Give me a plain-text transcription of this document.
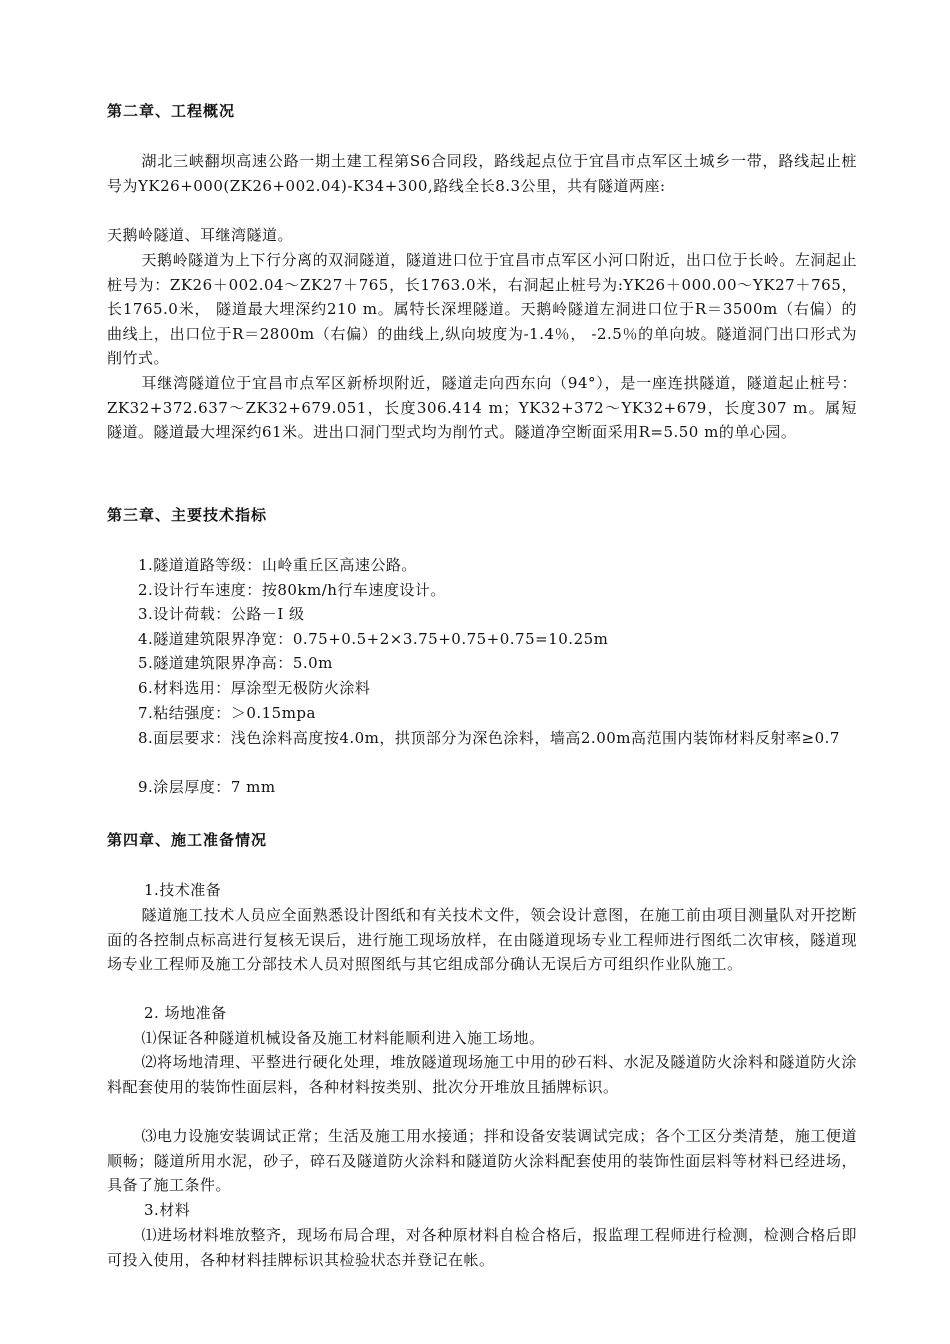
第二章、工程概况

湖北三峡翻坝高速公路一期土建工程第S6合同段，路线起点位于宜昌市点军区土城乡一带，路线起止桩号为YK26+000(ZK26+002.04)-K34+300,路线全长8.3公里，共有隧道两座:

天鹅岭隧道、耳继湾隧道。

天鹅岭隧道为上下行分离的双洞隧道，隧道进口位于宜昌市点军区小河口附近，出口位于长岭。左洞起止桩号为：ZK26＋002.04～ZK27＋765，长1763.0米，右洞起止桩号为:YK26＋000.00～YK27＋765，长1765.0米， 隧道最大埋深约210 m。属特长深埋隧道。天鹅岭隧道左洞进口位于R＝3500m（右偏）的曲线上，出口位于R＝2800m（右偏）的曲线上,纵向坡度为-1.4％， -2.5％的单向坡。隧道洞门出口形式为削竹式。

耳继湾隧道位于宜昌市点军区新桥坝附近，隧道走向西东向（94°），是一座连拱隧道，隧道起止桩号：ZK32+372.637～ZK32+679.051，长度306.414 m；YK32+372～YK32+679，长度307 m。属短隧道。隧道最大埋深约61米。进出口洞门型式均为削竹式。隧道净空断面采用R=5.50 m的单心园。

第三章、主要技术指标
1.隧道道路等级： 山岭重丘区高速公路。
2.设计行车速度： 按80km/h行车速度设计。
3.设计荷载： 公路－Ⅰ 级
4.隧道建筑限界净宽： 0.75+0.5+2×3.75+0.75+0.75=10.25m
5.隧道建筑限界净高： 5.0m
6.材料选用： 厚涂型无极防火涂料
7.粘结强度： ＞0.15mpa
8.面层要求： 浅色涂料高度按4.0m，拱顶部分为深色涂料，墙高2.00m高范围内装饰材料反射率≥0.7
9.涂层厚度： 7 mm
第四章、施工准备情况
1.技术准备

隧道施工技术人员应全面熟悉设计图纸和有关技术文件，领会设计意图，在施工前由项目测量队对开挖断面的各控制点标高进行复核无误后，进行施工现场放样，在由隧道现场专业工程师进行图纸二次审核，隧道现场专业工程师及施工分部技术人员对照图纸与其它组成部分确认无误后方可组织作业队施工。

2. 场地准备

⑴保证各种隧道机械设备及施工材料能顺利进入施工场地。

⑵将场地清理、平整进行硬化处理，堆放隧道现场施工中用的砂石料、水泥及隧道防火涂料和隧道防火涂料配套使用的装饰性面层料，各种材料按类别、批次分开堆放且插牌标识。

⑶电力设施安装调试正常；生活及施工用水接通；拌和设备安装调试完成；各个工区分类清楚，施工便道顺畅；隧道所用水泥，砂子，碎石及隧道防火涂料和隧道防火涂料配套使用的装饰性面层料等材料已经进场，具备了施工条件。

3.材料

⑴进场材料堆放整齐，现场布局合理，对各种原材料自检合格后，报监理工程师进行检测，检测合格后即可投入使用，各种材料挂牌标识其检验状态并登记在帐。
